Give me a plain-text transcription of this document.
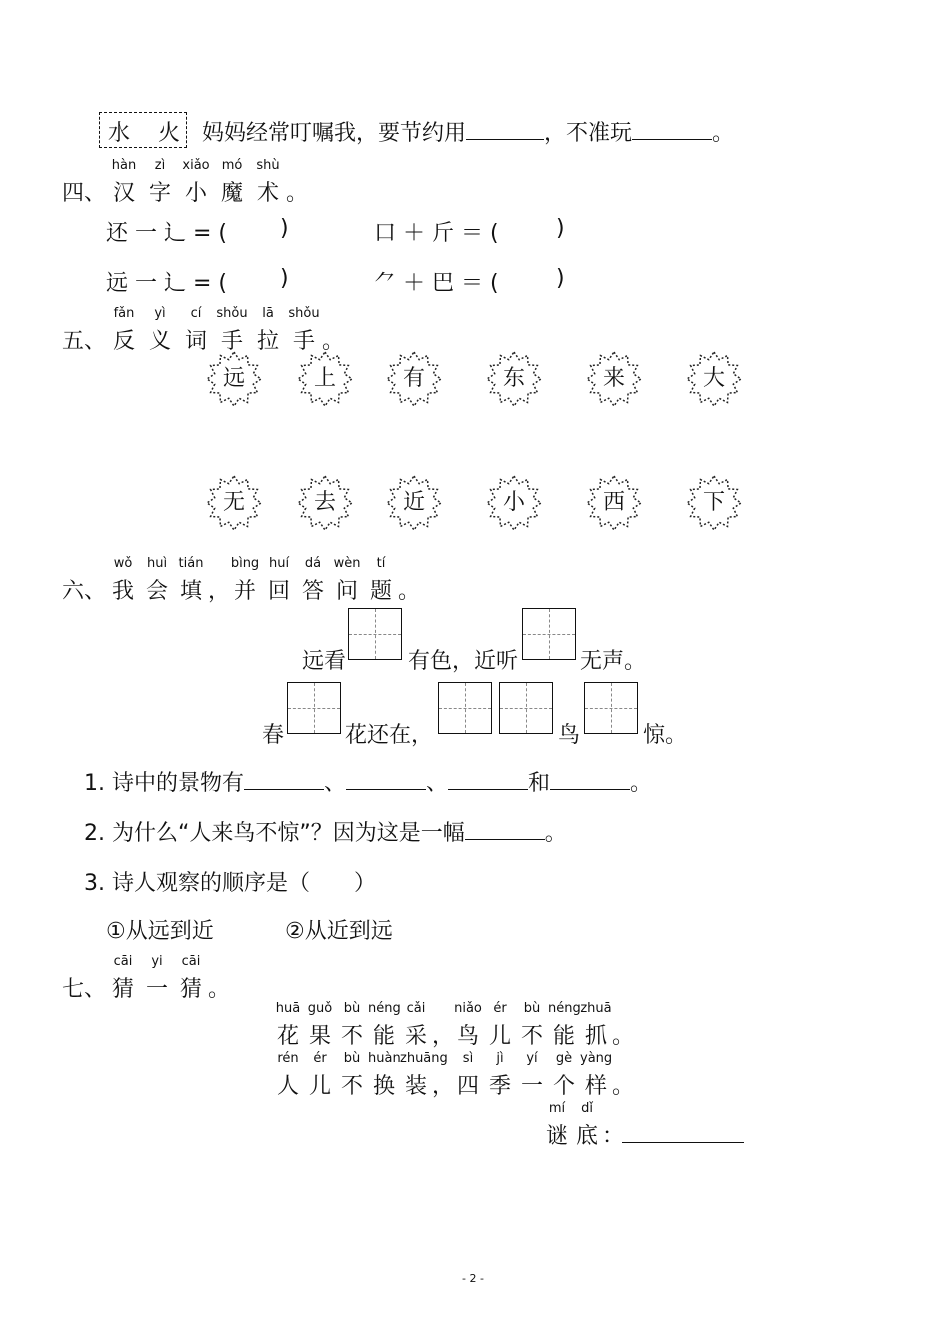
水 火 妈妈经常叮嘱我，要节约用	，不准玩	。
四、
hàn
汉
zì
字
xiǎo
小
mó
魔
shù
术 。
还 一 辶 = ( )	口 ＋ 斤 ＝ (	)
远 一 辶 = ( )	⺈ ＋ 巴 ＝ (	)
五、
fǎn
反
yì
义
cí
词
shǒu
手
lā
拉
shǒu
手 。
远	上	有	东	来	大
无	去	近	小	西	下
六、
wǒ
我
huì
会
tián
填 ，
bìng
并
huí
回
dá
答
wèn
问
tí
题 。
远看	有色，近听	无声。
春	花还在，	鸟	惊。
1. 诗中的景物有	、	、	和	。
2. 为什么“人来鸟不惊”？因为这是一幅	。
3. 诗人观察的顺序是（　　）
①从远到近	②从近到远
七、
cāi
猜
yi
一
cāi
猜 。
huā
花
guǒ
果
bù
不
néng
能
cǎi
采 ，
niǎo
鸟
ér
儿
bù
不
néng
能
zhuā
抓 。
rén
人
ér
儿
bù
不
huàn
换
zhuāng
装 ，
sì
四
jì
季
yí
一
gè
个
yàng
样 。
mí
谜
dǐ
底 ：
- 2 -
